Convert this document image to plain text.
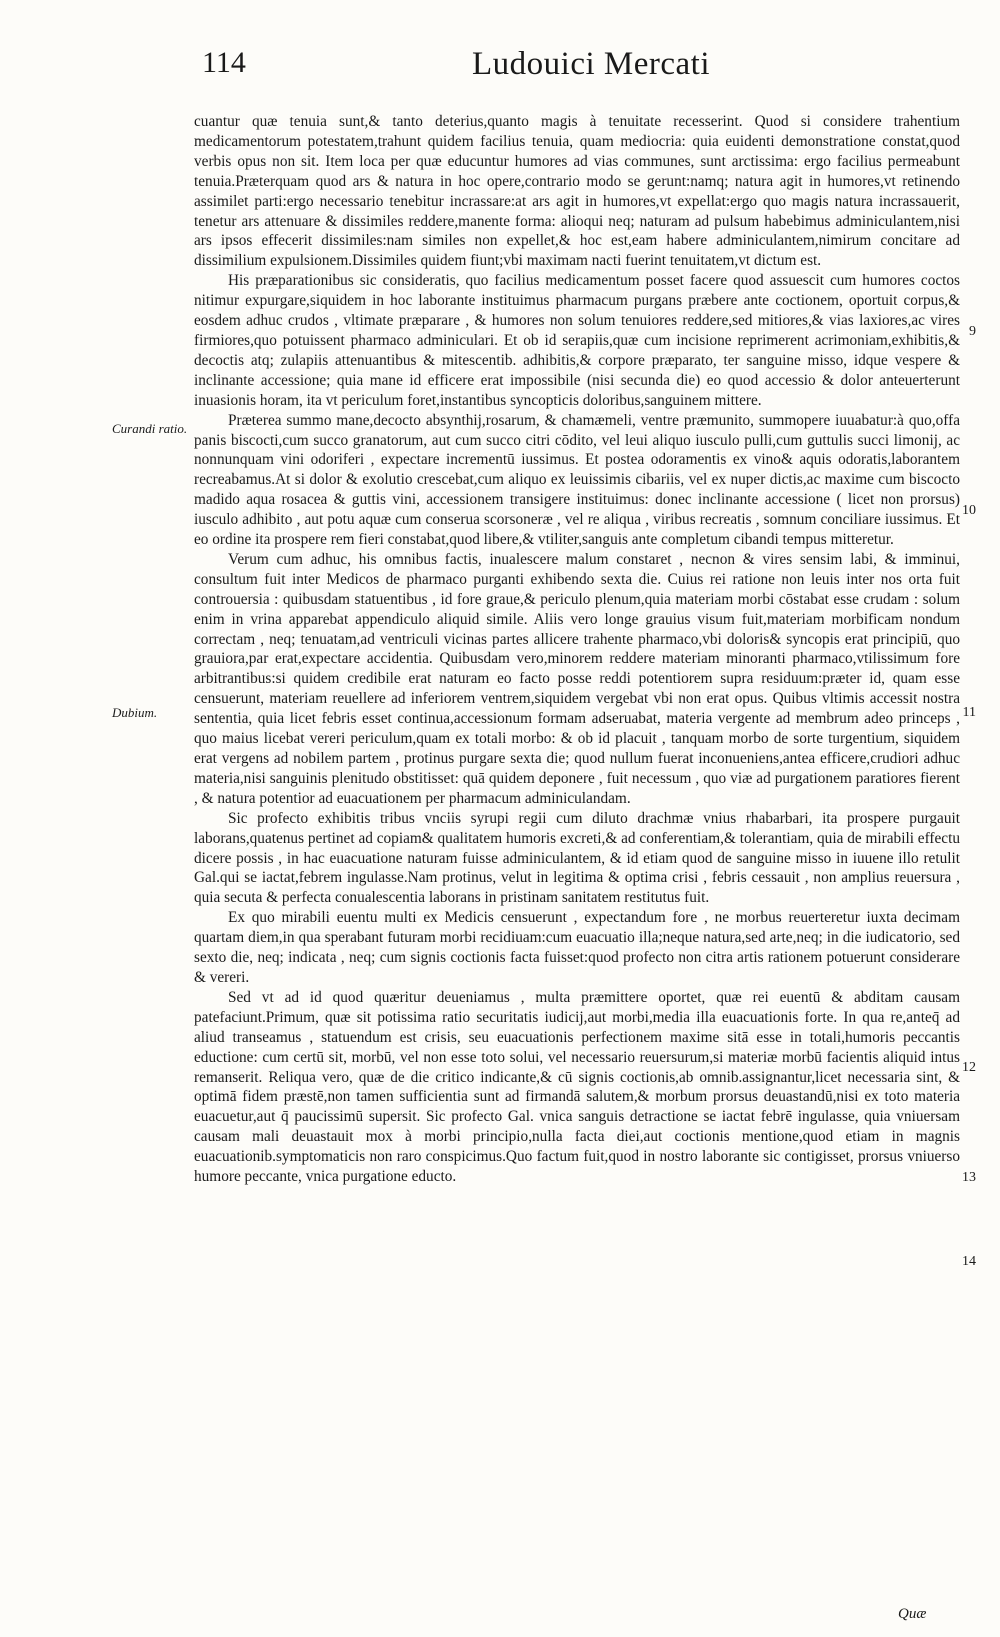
114	Ludouici Mercati
Curandi ratio.
Dubium.
9
10
11
12
13
14

cuantur quæ tenuia sunt,& tanto deterius,quanto magis à tenuitate recesserint. Quod si considere trahentium medicamentorum potestatem,trahunt quidem facilius tenuia, quam mediocria: quia euidenti demonstratione constat,quod verbis opus non sit. Item loca per quæ educuntur humores ad vias communes, sunt arctissima: ergo facilius permeabunt tenuia.Præterquam quod ars & natura in hoc opere,contrario modo se gerunt:namq; natura agit in humores,vt retinendo assimilet parti:ergo necessario tenebitur incrassare:at ars agit in humores,vt expellat:ergo quo magis natura incrassauerit, tenetur ars attenuare & dissimiles reddere,manente forma: alioqui neq; naturam ad pulsum habebimus adminiculantem,nisi ars ipsos effecerit dissimiles:nam similes non expellet,& hoc est,eam habere adminiculantem,nimirum concitare ad dissimilium expulsionem.Dissimiles quidem fiunt;vbi maximam nacti fuerint tenuitatem,vt dictum est.

His præparationibus sic consideratis, quo facilius medicamentum posset facere quod assuescit cum humores coctos nitimur expurgare,siquidem in hoc laborante instituimus pharmacum purgans præbere ante coctionem, oportuit corpus,& eosdem adhuc crudos , vltimate præparare , & humores non solum tenuiores reddere,sed mitiores,& vias laxiores,ac vires firmiores,quo potuissent pharmaco adminiculari. Et ob id serapiis,quæ cum incisione reprimerent acrimoniam,exhibitis,& decoctis atq; zulapiis attenuantibus & mitescentib. adhibitis,& corpore præparato, ter sanguine misso, idque vespere & inclinante accessione; quia mane id efficere erat impossibile (nisi secunda die) eo quod accessio & dolor anteuerterunt inuasionis horam, ita vt periculum foret,instantibus syncopticis doloribus,sanguinem mittere.

Præterea summo mane,decocto absynthij,rosarum, & chamæmeli, ventre præmunito, summopere iuuabatur:à quo,offa panis biscocti,cum succo granatorum, aut cum succo citri cōdito, vel leui aliquo iusculo pulli,cum guttulis succi limonij, ac nonnunquam vini odoriferi , expectare incrementū iussimus. Et postea odoramentis ex vino& aquis odoratis,laborantem recreabamus.At si dolor & exolutio crescebat,cum aliquo ex leuissimis cibariis, vel ex nuper dictis,ac maxime cum biscocto madido aqua rosacea & guttis vini, accessionem transigere instituimus: donec inclinante accessione ( licet non prorsus) iusculo adhibito , aut potu aquæ cum conserua scorsoneræ , vel re aliqua , viribus recreatis , somnum conciliare iussimus. Et eo ordine ita prospere rem fieri constabat,quod libere,& vtiliter,sanguis ante completum cibandi tempus mitteretur.

Verum cum adhuc, his omnibus factis, inualescere malum constaret , necnon & vires sensim labi, & imminui, consultum fuit inter Medicos de pharmaco purganti exhibendo sexta die. Cuius rei ratione non leuis inter nos orta fuit controuersia : quibusdam statuentibus , id fore graue,& periculo plenum,quia materiam morbi cōstabat esse crudam : solum enim in vrina apparebat appendiculo aliquid simile. Aliis vero longe grauius visum fuit,materiam morbificam nondum correctam , neq; tenuatam,ad ventriculi vicinas partes allicere trahente pharmaco,vbi doloris& syncopis erat principiū, quo grauiora,par erat,expectare accidentia. Quibusdam vero,minorem reddere materiam minoranti pharmaco,vtilissimum fore arbitrantibus:si quidem credibile erat naturam eo facto posse reddi potentiorem supra residuum:præter id, quam esse censuerunt, materiam reuellere ad inferiorem ventrem,siquidem vergebat vbi non erat opus. Quibus vltimis accessit nostra sententia, quia licet febris esset continua,accessionum formam adseruabat, materia vergente ad membrum adeo princeps , quo maius licebat vereri periculum,quam ex totali morbo: & ob id placuit , tanquam morbo de sorte turgentium, siquidem erat vergens ad nobilem partem , protinus purgare sexta die; quod nullum fuerat inconueniens,antea efficere,crudiori adhuc materia,nisi sanguinis plenitudo obstitisset: quā quidem deponere , fuit necessum , quo viæ ad purgationem paratiores fierent , & natura potentior ad euacuationem per pharmacum adminiculandam.

Sic profecto exhibitis tribus vnciis syrupi regii cum diluto drachmæ vnius rhabarbari, ita prospere purgauit laborans,quatenus pertinet ad copiam& qualitatem humoris excreti,& ad conferentiam,& tolerantiam, quia de mirabili effectu dicere possis , in hac euacuatione naturam fuisse adminiculantem, & id etiam quod de sanguine misso in iuuene illo retulit Gal.qui se iactat,febrem ingulasse.Nam protinus, velut in legitima & optima crisi , febris cessauit , non amplius reuersura , quia secuta & perfecta conualescentia laborans in pristinam sanitatem restitutus fuit.

Ex quo mirabili euentu multi ex Medicis censuerunt , expectandum fore , ne morbus reuerteretur iuxta decimam quartam diem,in qua sperabant futuram morbi recidiuam:cum euacuatio illa;neque natura,sed arte,neq; in die iudicatorio, sed sexto die, neq; indicata , neq; cum signis coctionis facta fuisset:quod profecto non citra artis rationem potuerunt considerare & vereri.

Sed vt ad id quod quæritur deueniamus , multa præmittere oportet, quæ rei euentū & abditam causam patefaciunt.Primum, quæ sit potissima ratio securitatis iudicij,aut morbi,media illa euacuationis forte. In qua re,anteq̄ ad aliud transeamus , statuendum est crisis, seu euacuationis perfectionem maxime sitā esse in totali,humoris peccantis eductione: cum certū sit, morbū, vel non esse toto solui, vel necessario reuersurum,si materiæ morbū facientis aliquid intus remanserit. Reliqua vero, quæ de die critico indicante,& cū signis coctionis,ab omnib.assignantur,licet necessaria sint, & optimā fidem præstē,non tamen sufficientia sunt ad firmandā salutem,& morbum prorsus deuastandū,nisi ex toto materia euacuetur,aut q̄ paucissimū supersit. Sic profecto Gal. vnica sanguis detractione se iactat febrē ingulasse, quia vniuersam causam mali deuastauit mox à morbi principio,nulla facta diei,aut coctionis mentione,quod etiam in magnis euacuationib.symptomaticis non raro conspicimus.Quo factum fuit,quod in nostro laborante sic contigisset, prorsus vniuerso humore peccante, vnica purgatione educto.

Quæ
